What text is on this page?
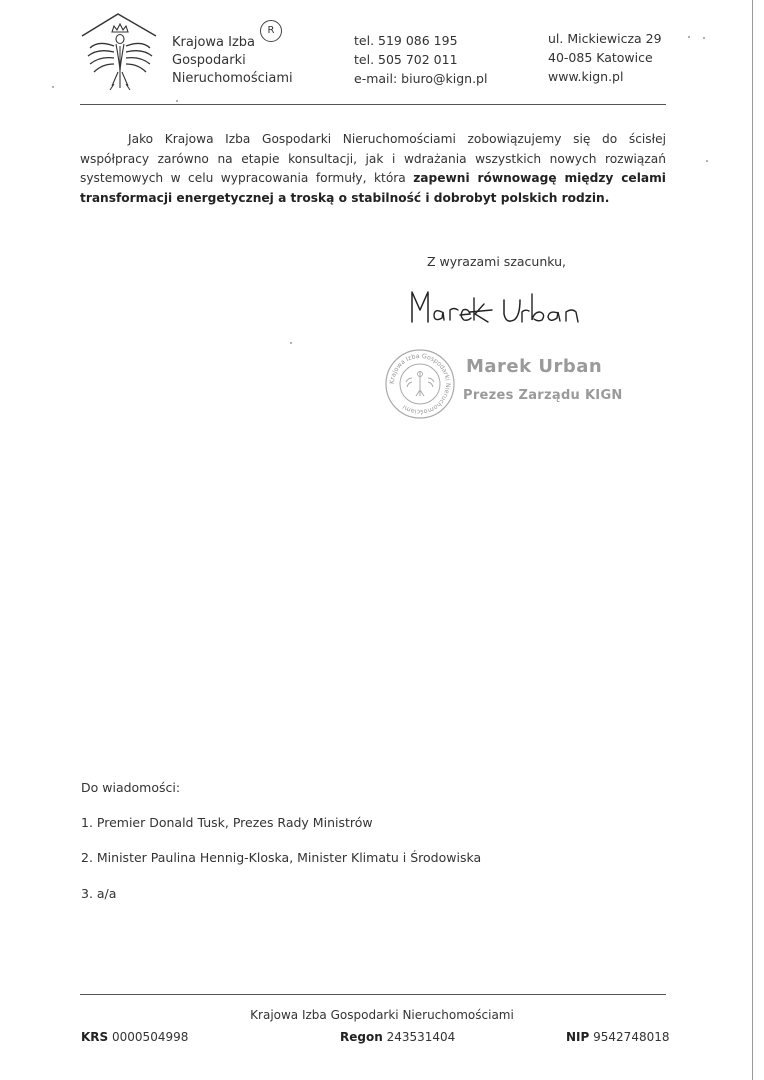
Krajowa Izba
Gospodarki
Nieruchomościami
R
tel. 519 086 195
tel. 505 702 011
e-mail: biuro@kign.pl
ul. Mickiewicza 29
40-085 Katowice
www.kign.pl
Jako Krajowa Izba Gospodarki Nieruchomościami zobowiązujemy się do ścisłej współpracy zarówno na etapie konsultacji, jak i wdrażania wszystkich nowych rozwiązań systemowych w celu wypracowania formuły, która zapewni równowagę między celami transformacji energetycznej a troską o stabilność i dobrobyt polskich rodzin.
Z wyrazami szacunku,
Krajowa Izba Gospodarki Nieruchomościami
Marek Urban
Prezes Zarządu KIGN
Do wiadomości:
1. Premier Donald Tusk, Prezes Rady Ministrów
2. Minister Paulina Hennig-Kloska, Minister Klimatu i Środowiska
3. a/a
Krajowa Izba Gospodarki Nieruchomościami
KRS 0000504998	Regon 243531404	NIP 9542748018
